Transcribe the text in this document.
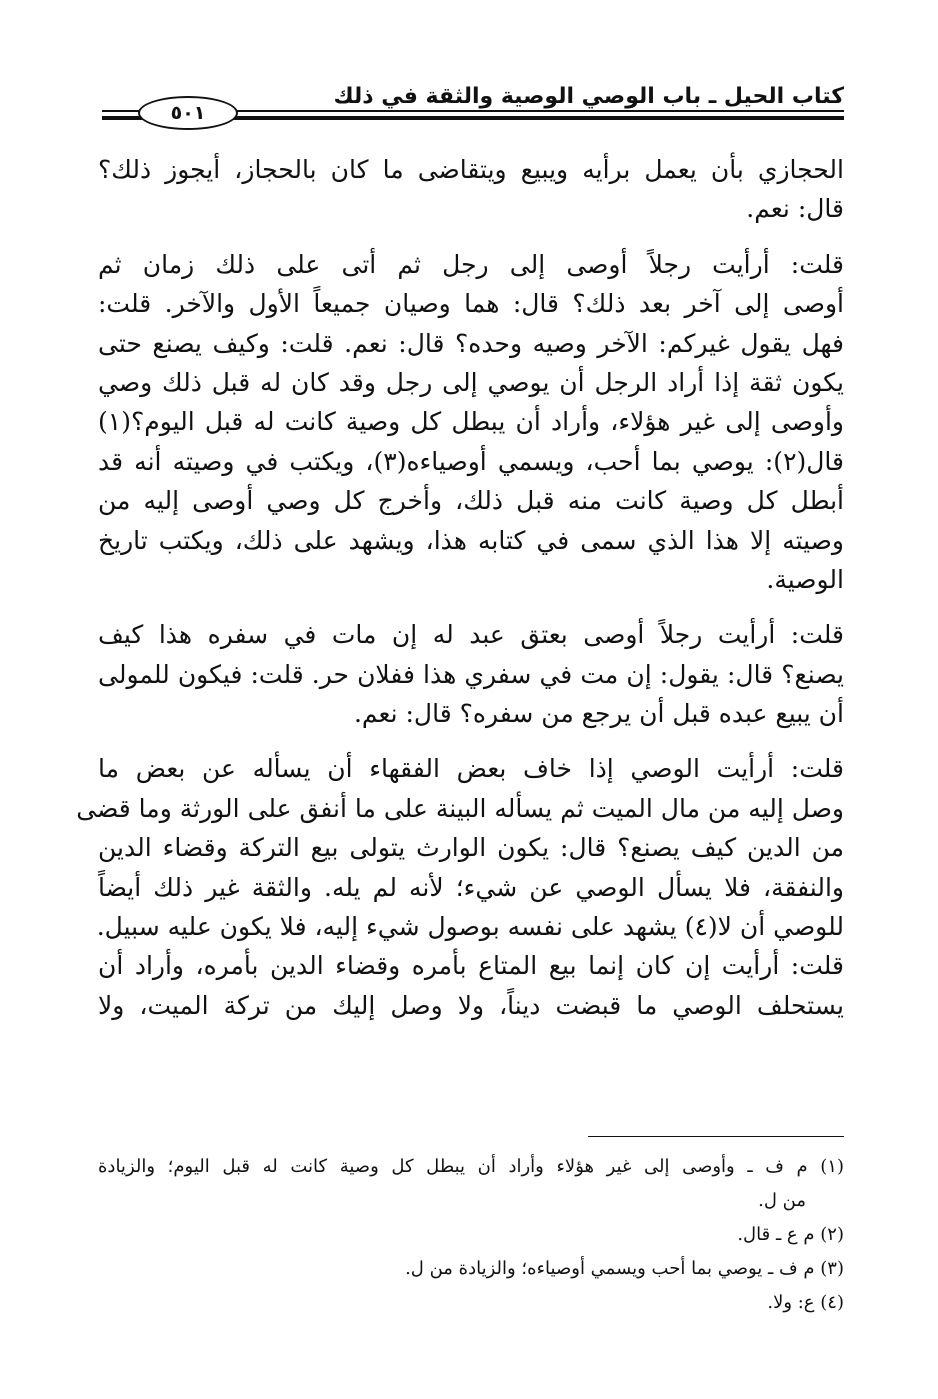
كتاب الحيل ـ باب الوصي الوصية والثقة في ذلك
٥٠١
الحجازي بأن يعمل برأيه ويبيع ويتقاضى ما كان بالحجاز، أيجوز ذلك؟
قال: نعم.
قلت: أرأيت رجلاً أوصى إلى رجل ثم أتى على ذلك زمان ثم
أوصى إلى آخر بعد ذلك؟ قال: هما وصيان جميعاً الأول والآخر. قلت:
فهل يقول غيركم: الآخر وصيه وحده؟ قال: نعم. قلت: وكيف يصنع حتى
يكون ثقة إذا أراد الرجل أن يوصي إلى رجل وقد كان له قبل ذلك وصي
وأوصى إلى غير هؤلاء، وأراد أن يبطل كل وصية كانت له قبل اليوم؟(١)
قال(٢): يوصي بما أحب، ويسمي أوصياءه(٣)، ويكتب في وصيته أنه قد
أبطل كل وصية كانت منه قبل ذلك، وأخرج كل وصي أوصى إليه من
وصيته إلا هذا الذي سمى في كتابه هذا، ويشهد على ذلك، ويكتب تاريخ
الوصية.
قلت: أرأيت رجلاً أوصى بعتق عبد له إن مات في سفره هذا كيف
يصنع؟ قال: يقول: إن مت في سفري هذا ففلان حر. قلت: فيكون للمولى
أن يبيع عبده قبل أن يرجع من سفره؟ قال: نعم.
قلت: أرأيت الوصي إذا خاف بعض الفقهاء أن يسأله عن بعض ما
وصل إليه من مال الميت ثم يسأله البينة على ما أنفق على الورثة وما قضى
من الدين كيف يصنع؟ قال: يكون الوارث يتولى بيع التركة وقضاء الدين
والنفقة، فلا يسأل الوصي عن شيء؛ لأنه لم يله. والثقة غير ذلك أيضاً
للوصي أن لا(٤) يشهد على نفسه بوصول شيء إليه، فلا يكون عليه سبيل.
قلت: أرأيت إن كان إنما بيع المتاع بأمره وقضاء الدين بأمره، وأراد أن
يستحلف الوصي ما قبضت ديناً، ولا وصل إليك من تركة الميت، ولا
(١) م ف ـ وأوصى إلى غير هؤلاء وأراد أن يبطل كل وصية كانت له قبل اليوم؛ والزيادة
من ل.
(٢) م ع ـ قال.
(٣) م ف ـ يوصي بما أحب ويسمي أوصياءه؛ والزيادة من ل.
(٤) ع: ولا.
